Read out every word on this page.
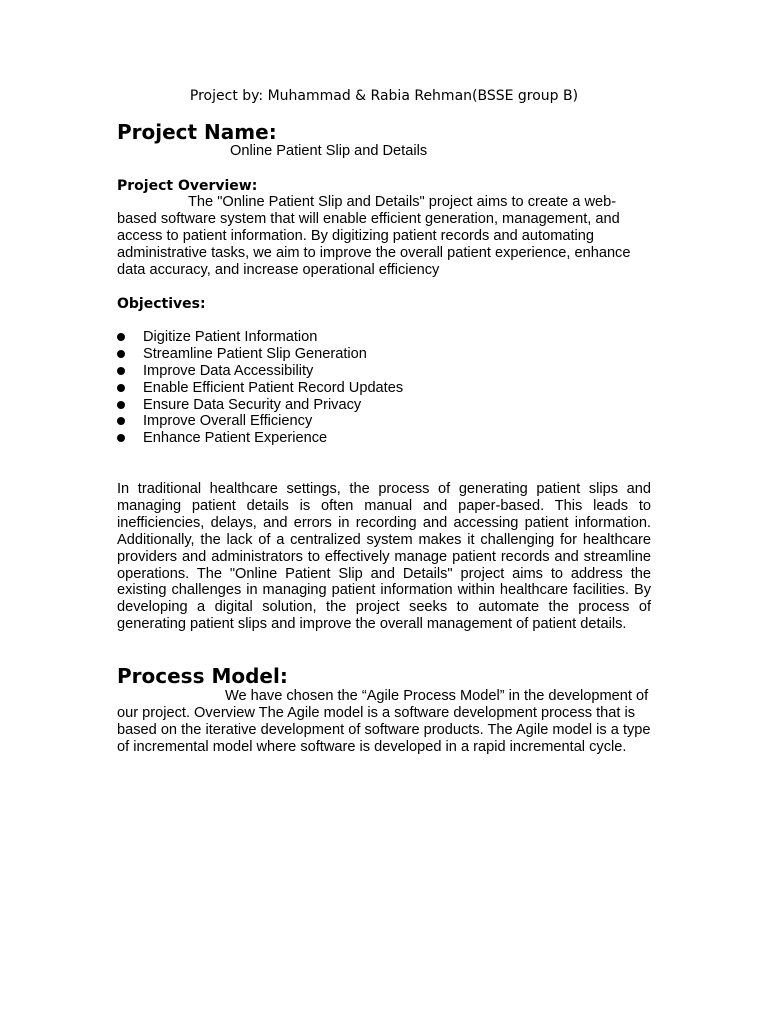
Project by: Muhammad & Rabia Rehman(BSSE group B)
Project Name:
Online Patient Slip and Details
Project Overview:

The "Online Patient Slip and Details" project aims to create a web-based software system that will enable efficient generation, management, and access to patient information. By digitizing patient records and automating administrative tasks, we aim to improve the overall patient experience, enhance data accuracy, and increase operational efficiency

Objectives:
Digitize Patient Information
Streamline Patient Slip Generation
Improve Data Accessibility
Enable Efficient Patient Record Updates
Ensure Data Security and Privacy
Improve Overall Efficiency
Enhance Patient Experience

In traditional healthcare settings, the process of generating patient slips and managing patient details is often manual and paper-based. This leads to inefficiencies, delays, and errors in recording and accessing patient information. Additionally, the lack of a centralized system makes it challenging for healthcare providers and administrators to effectively manage patient records and streamline operations. The "Online Patient Slip and Details" project aims to address the existing challenges in managing patient information within healthcare facilities. By developing a digital solution, the project seeks to automate the process of generating patient slips and improve the overall management of patient details.

Process Model:

We have chosen the “Agile Process Model” in the development of our project. Overview The Agile model is a software development process that is based on the iterative development of software products. The Agile model is a type of incremental model where software is developed in a rapid incremental cycle.
